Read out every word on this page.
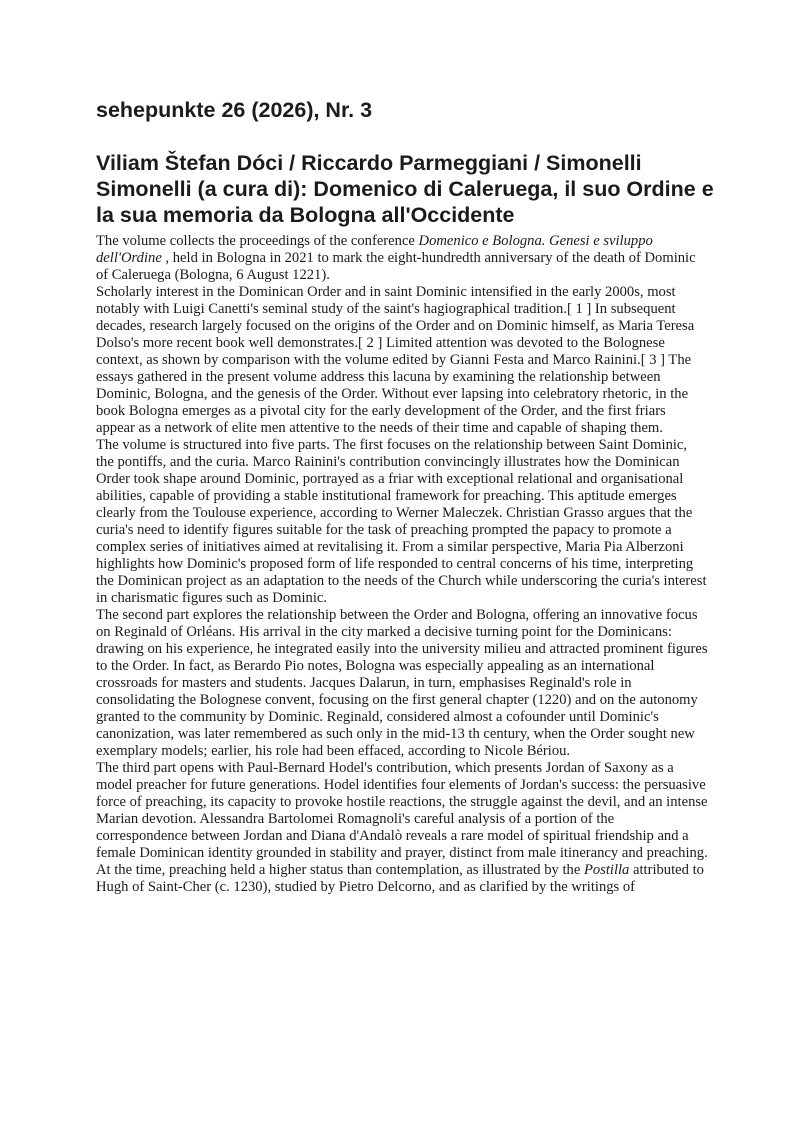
sehepunkte 26 (2026), Nr. 3
Viliam Štefan Dóci / Riccardo Parmeggiani / Simonelli Simonelli (a cura di): Domenico di Caleruega, il suo Ordine e la sua memoria da Bologna all'Occidente

The volume collects the proceedings of the conference Domenico e Bologna. Genesi e sviluppo dell'Ordine , held in Bologna in 2021 to mark the eight-hundredth anniversary of the death of Dominic of Caleruega (Bologna, 6 August 1221).

Scholarly interest in the Dominican Order and in saint Dominic intensified in the early 2000s, most notably with Luigi Canetti's seminal study of the saint's hagiographical tradition.[ 1 ] In subsequent decades, research largely focused on the origins of the Order and on Dominic himself, as Maria Teresa Dolso's more recent book well demonstrates.[ 2 ] Limited attention was devoted to the Bolognese context, as shown by comparison with the volume edited by Gianni Festa and Marco Rainini.[ 3 ] The essays gathered in the present volume address this lacuna by examining the relationship between Dominic, Bologna, and the genesis of the Order. Without ever lapsing into celebratory rhetoric, in the book Bologna emerges as a pivotal city for the early development of the Order, and the first friars appear as a network of elite men attentive to the needs of their time and capable of shaping them.

The volume is structured into five parts. The first focuses on the relationship between Saint Dominic, the pontiffs, and the curia. Marco Rainini's contribution convincingly illustrates how the Dominican Order took shape around Dominic, portrayed as a friar with exceptional relational and organisational abilities, capable of providing a stable institutional framework for preaching. This aptitude emerges clearly from the Toulouse experience, according to Werner Maleczek. Christian Grasso argues that the curia's need to identify figures suitable for the task of preaching prompted the papacy to promote a complex series of initiatives aimed at revitalising it. From a similar perspective, Maria Pia Alberzoni highlights how Dominic's proposed form of life responded to central concerns of his time, interpreting the Dominican project as an adaptation to the needs of the Church while underscoring the curia's interest in charismatic figures such as Dominic.

The second part explores the relationship between the Order and Bologna, offering an innovative focus on Reginald of Orléans. His arrival in the city marked a decisive turning point for the Dominicans: drawing on his experience, he integrated easily into the university milieu and attracted prominent figures to the Order. In fact, as Berardo Pio notes, Bologna was especially appealing as an international crossroads for masters and students. Jacques Dalarun, in turn, emphasises Reginald's role in consolidating the Bolognese convent, focusing on the first general chapter (1220) and on the autonomy granted to the community by Dominic. Reginald, considered almost a cofounder until Dominic's canonization, was later remembered as such only in the mid-13 th century, when the Order sought new exemplary models; earlier, his role had been effaced, according to Nicole Bériou.

The third part opens with Paul-Bernard Hodel's contribution, which presents Jordan of Saxony as a model preacher for future generations. Hodel identifies four elements of Jordan's success: the persuasive force of preaching, its capacity to provoke hostile reactions, the struggle against the devil, and an intense Marian devotion. Alessandra Bartolomei Romagnoli's careful analysis of a portion of the correspondence between Jordan and Diana d'Andalò reveals a rare model of spiritual friendship and a female Dominican identity grounded in stability and prayer, distinct from male itinerancy and preaching. At the time, preaching held a higher status than contemplation, as illustrated by the Postilla attributed to Hugh of Saint-Cher (c. 1230), studied by Pietro Delcorno, and as clarified by the writings of
